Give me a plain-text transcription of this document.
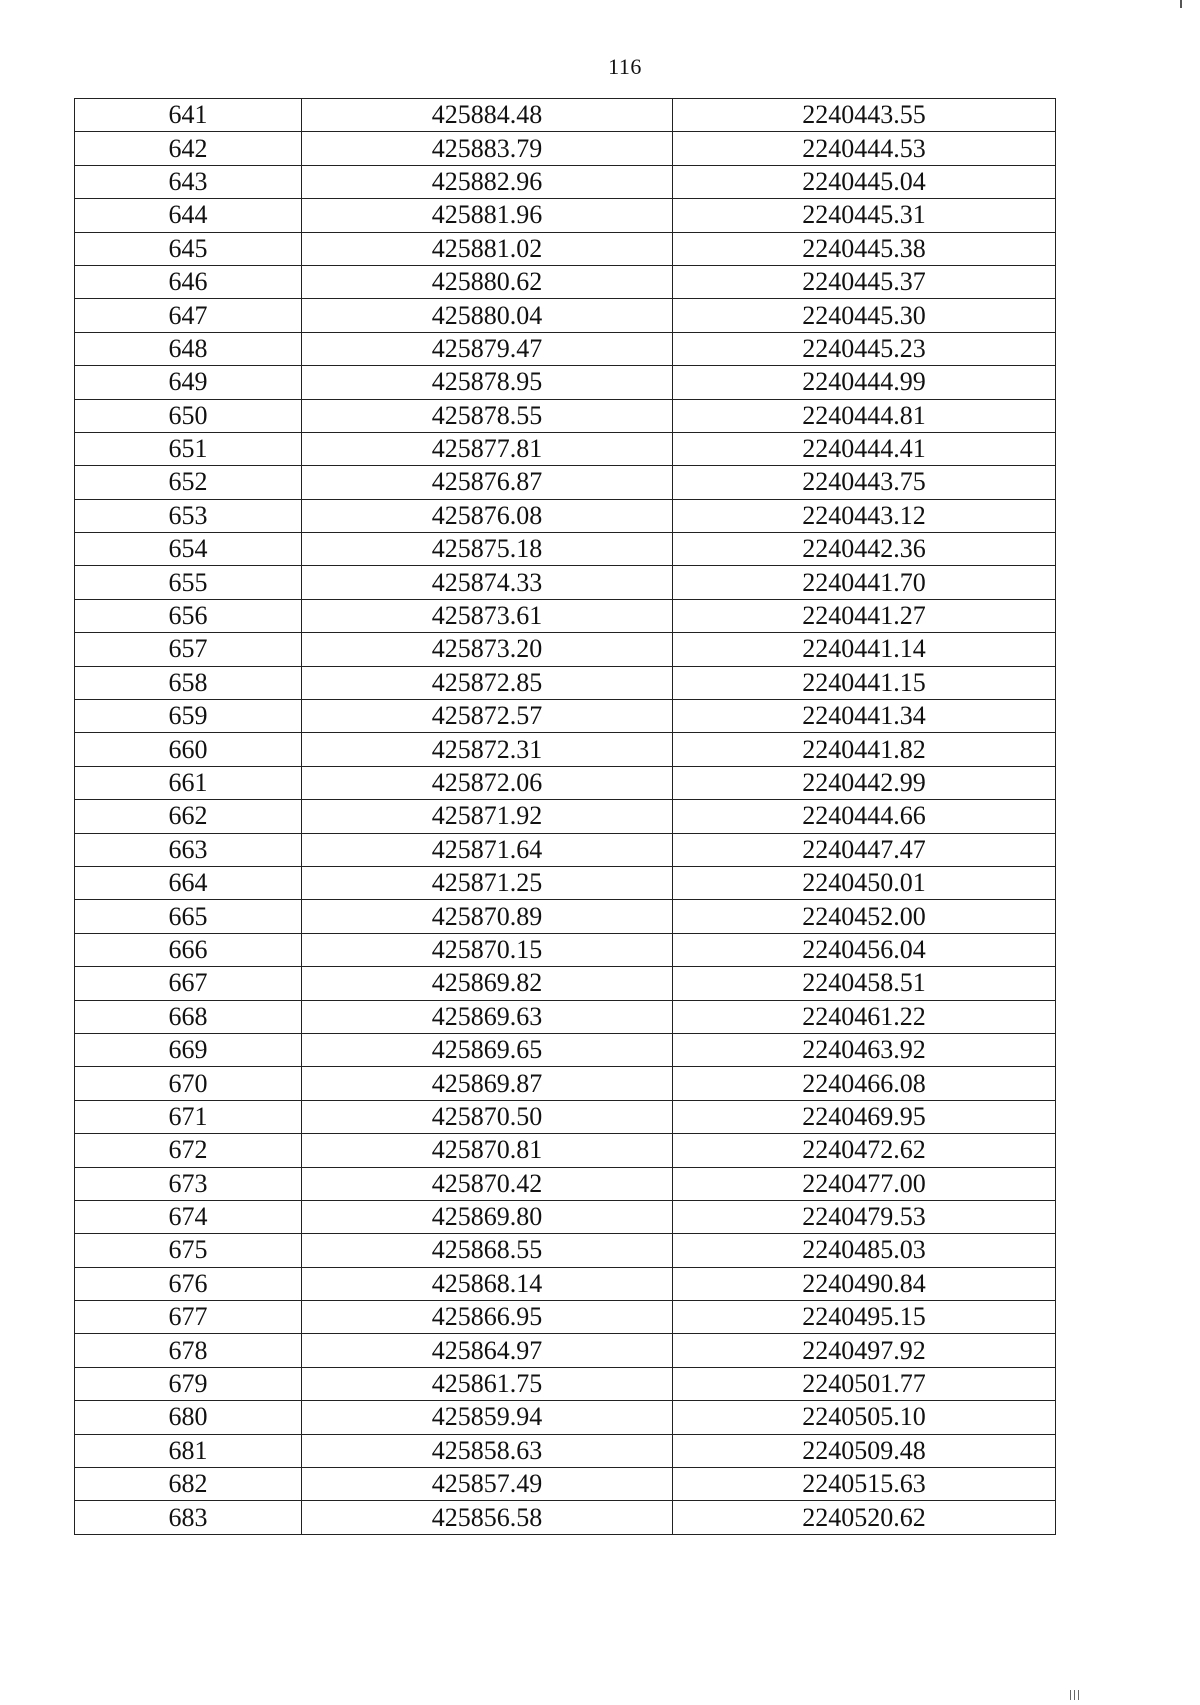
116
641	425884.48	2240443.55
642	425883.79	2240444.53
643	425882.96	2240445.04
644	425881.96	2240445.31
645	425881.02	2240445.38
646	425880.62	2240445.37
647	425880.04	2240445.30
648	425879.47	2240445.23
649	425878.95	2240444.99
650	425878.55	2240444.81
651	425877.81	2240444.41
652	425876.87	2240443.75
653	425876.08	2240443.12
654	425875.18	2240442.36
655	425874.33	2240441.70
656	425873.61	2240441.27
657	425873.20	2240441.14
658	425872.85	2240441.15
659	425872.57	2240441.34
660	425872.31	2240441.82
661	425872.06	2240442.99
662	425871.92	2240444.66
663	425871.64	2240447.47
664	425871.25	2240450.01
665	425870.89	2240452.00
666	425870.15	2240456.04
667	425869.82	2240458.51
668	425869.63	2240461.22
669	425869.65	2240463.92
670	425869.87	2240466.08
671	425870.50	2240469.95
672	425870.81	2240472.62
673	425870.42	2240477.00
674	425869.80	2240479.53
675	425868.55	2240485.03
676	425868.14	2240490.84
677	425866.95	2240495.15
678	425864.97	2240497.92
679	425861.75	2240501.77
680	425859.94	2240505.10
681	425858.63	2240509.48
682	425857.49	2240515.63
683	425856.58	2240520.62
